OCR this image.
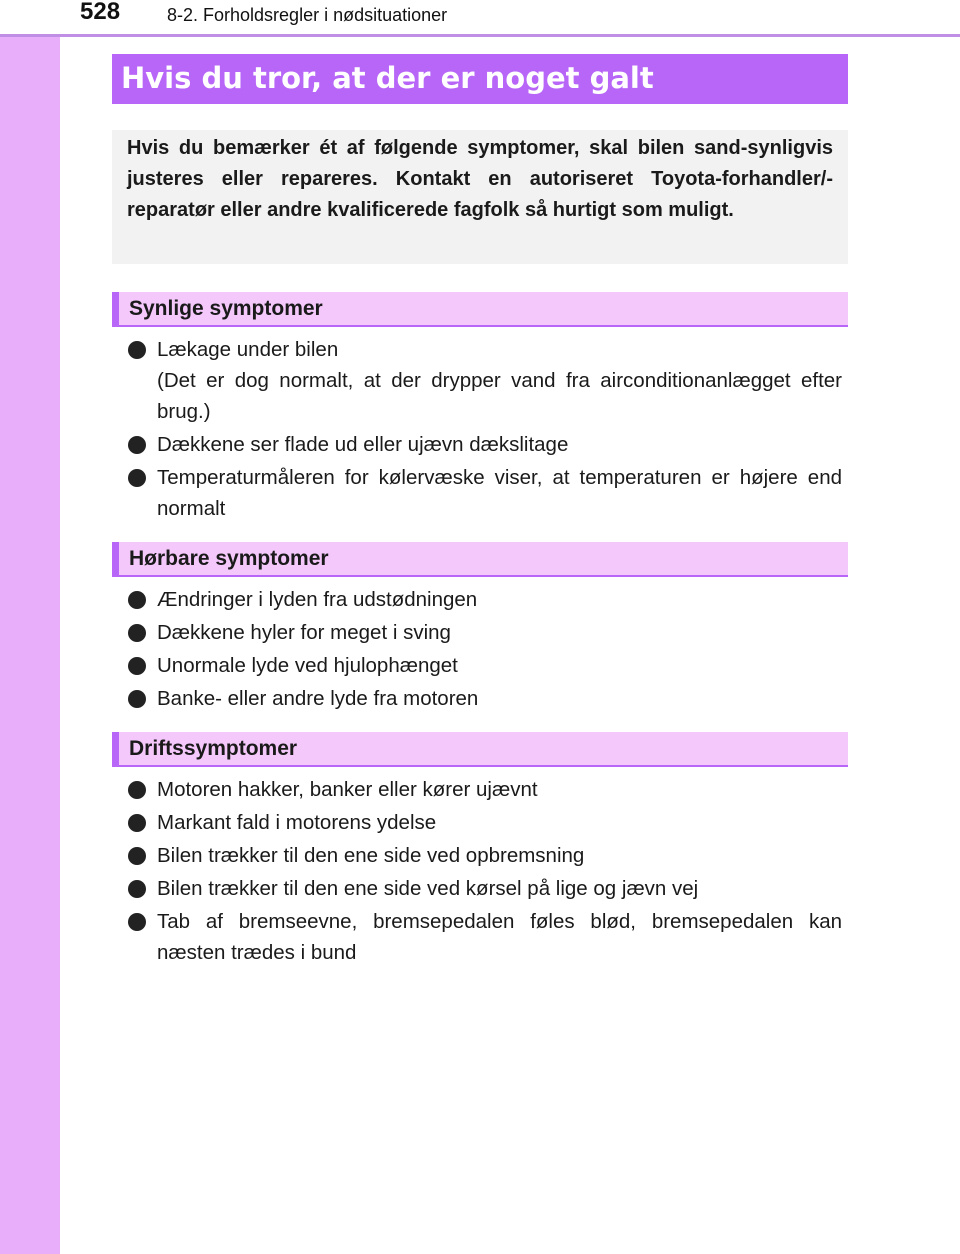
528	8-2. Forholdsregler i nødsituationer
Hvis du tror, at der er noget galt
Hvis du bemærker ét af følgende symptomer, skal bilen sand-synligvis justeres eller repareres. Kontakt en autoriseret Toyota-forhandler/-reparatør eller andre kvalificerede fagfolk så hurtigt som muligt.
Synlige symptomer
Lækage under bilen
(Det er dog normalt, at der drypper vand fra airconditionanlægget efter brug.)
Dækkene ser flade ud eller ujævn dækslitage
Temperaturmåleren for kølervæske viser, at temperaturen er højere end normalt
Hørbare symptomer
Ændringer i lyden fra udstødningen
Dækkene hyler for meget i sving
Unormale lyde ved hjulophænget
Banke- eller andre lyde fra motoren
Driftssymptomer
Motoren hakker, banker eller kører ujævnt
Markant fald i motorens ydelse
Bilen trækker til den ene side ved opbremsning
Bilen trækker til den ene side ved kørsel på lige og jævn vej
Tab af bremseevne, bremsepedalen føles blød, bremsepedalen kan næsten trædes i bund
